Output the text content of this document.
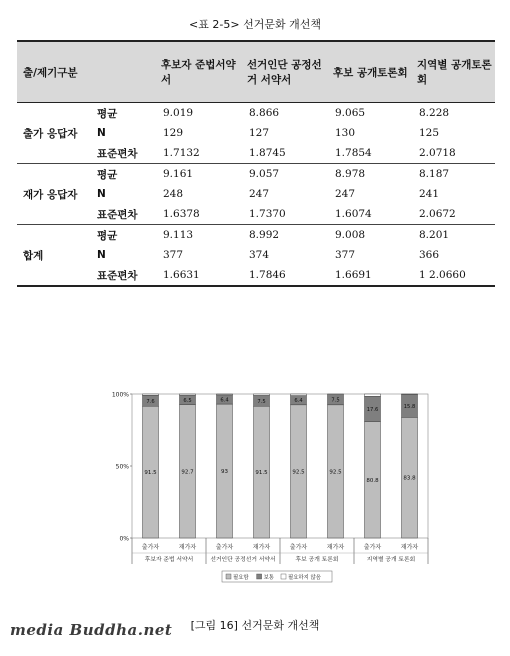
<표 2-5> 선거문화 개선책
출/제기구분		후보자 준법서약서	선거인단 공정선거 서약서	후보 공개토론회	지역별 공개토론회
출가 응답자	평균	9.019	8.866	9.065	8.228
	N	129	127	130	125
	표준편차	1.7132	1.8745	1.7854	2.0718
재가 응답자	평균	9.161	9.057	8.978	8.187
	N	248	247	247	241
	표준편차	1.6378	1.7370	1.6074	2.0672
합계	평균	9.113	8.992	9.008	8.201
	N	377	374	377	366
	표준편차	1.6631	1.7846	1.6691	1 2.0660
0%
50%
100%
91.5
7.6
출가자
92.7
6.5
재가자
93
6.4
출가자
91.5
7.5
재가자
92.5
6.4
출가자
92.5
7.5
재가자
80.8
17.6
출가자
83.8
15.8
재가자
후보자 준법 서약서	선거인단 공정선거 서약서	후보 공개 토론회	지역별 공개 토론회
필요함	보통	필요하지 않음
[그림 16] 선거문화 개선책
media Buddha.net
